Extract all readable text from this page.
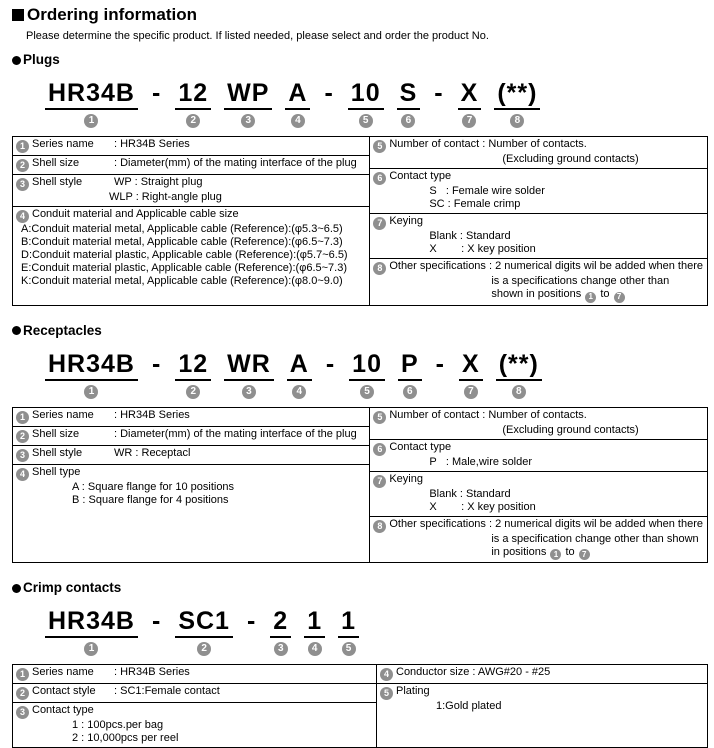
Ordering information

Please determine the specific product. If listed needed, please select and order the product No.

Plugs
HR34B
1
- 12
2
WP
3
A
4
- 10
5
S
6
- X
7
(**)
8
1 Series name : HR34B Series
2 Shell size	: Diameter(mm) of the mating interface of the plug
3 Shell style	WP : Straight plug
WLP : Right-angle plug
4 Conduit material and Applicable cable size
A:Conduit material metal, Applicable cable (Reference):(φ5.3~6.5)
B:Conduit material metal, Applicable cable (Reference):(φ6.5~7.3)
D:Conduit material plastic, Applicable cable (Reference):(φ5.7~6.5)
E:Conduit material plastic, Applicable cable (Reference):(φ6.5~7.3)
K:Conduit material metal, Applicable cable (Reference):(φ8.0~9.0)
5 Number of contact : Number of contacts.
(Excluding ground contacts)
6 Contact type
S   : Female wire solder
SC : Female crimp
7 Keying
Blank : Standard
X        : X key position
8 Other specifications : 2 numerical digits wil be added when there
is a specifications change other than
shown in positions 1 to 7
Receptacles
HR34B
1
- 12
2
WR
3
A
4
- 10
5
P
6
- X
7
(**)
8
1 Series name : HR34B Series
2 Shell size	: Diameter(mm) of the mating interface of the plug
3 Shell style	WR : Receptacl
4 Shell type
A : Square flange for 10 positions
B : Square flange for 4 positions
5 Number of contact : Number of contacts.
(Excluding ground contacts)
6 Contact type
P   : Male,wire solder
7 Keying
Blank : Standard
X        : X key position
8 Other specifications : 2 numerical digits wil be added when there
is a specification change other than shown
in positions 1 to 7
Crimp contacts
HR34B
1
- SC1
2
- 2
3
1
4
1
5
1 Series name : HR34B Series
2 Contact style : SC1:Female contact
3 Contact type
1 : 100pcs.per bag
2 : 10,000pcs per reel
4 Conductor size : AWG#20 - #25
5 Plating
1:Gold plated
